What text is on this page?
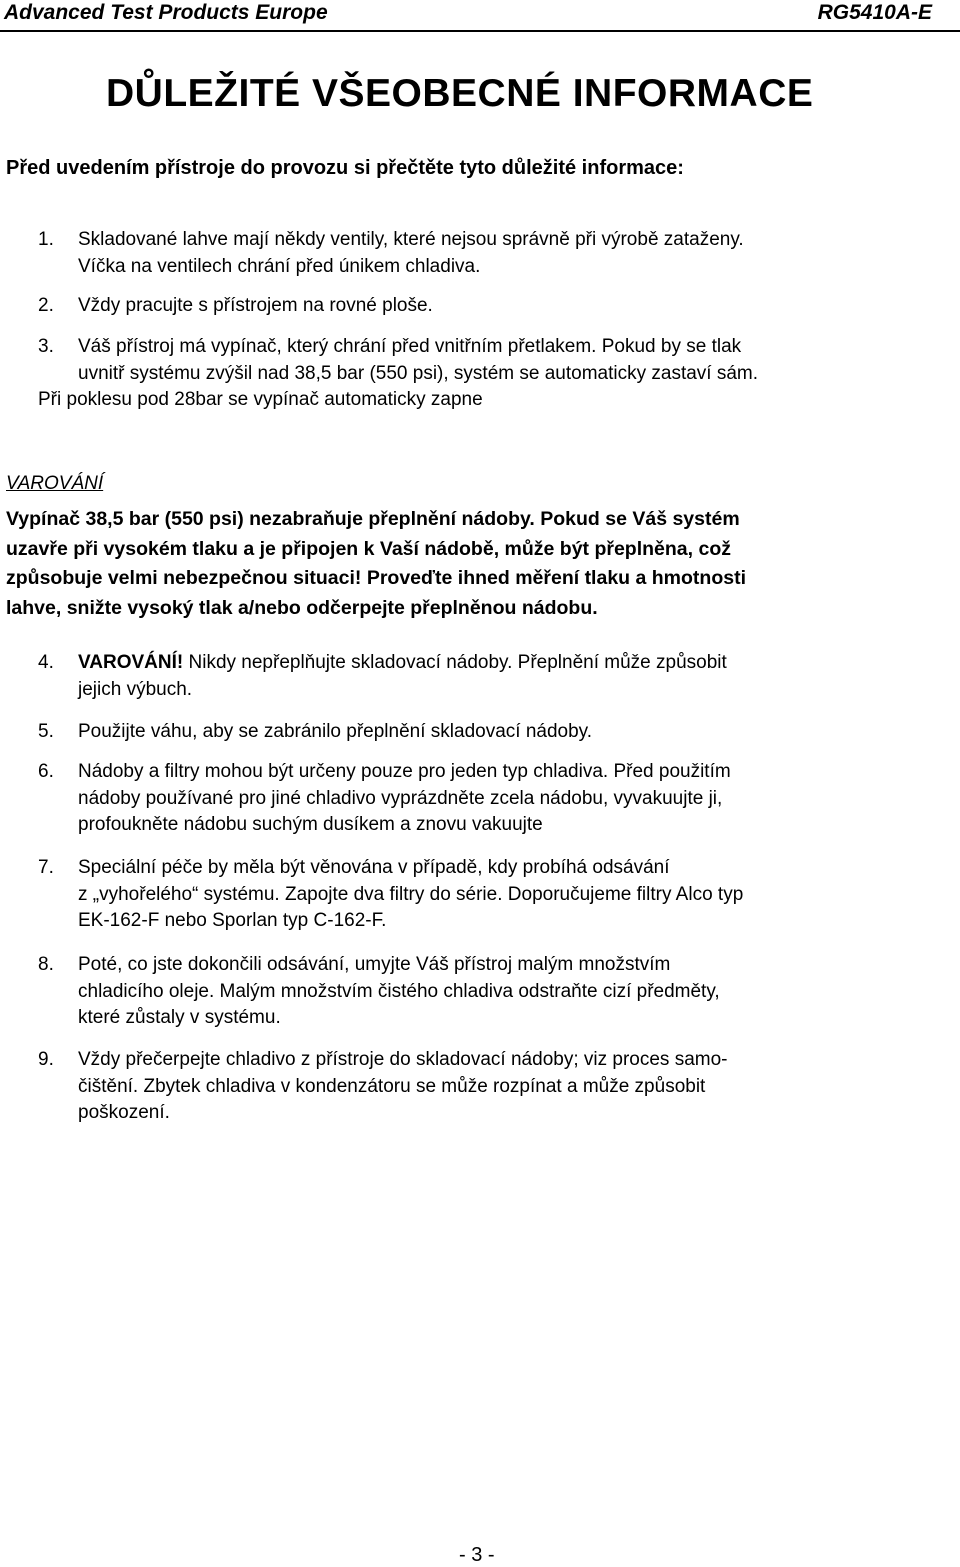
Advanced Test Products Europe	RG5410A-E
DŮLEŽITÉ VŠEOBECNÉ INFORMACE
Před uvedením přístroje do provozu si přečtěte tyto důležité informace:
1.	Skladované lahve mají někdy ventily, které nejsou správně při výrobě zataženy.
Víčka na ventilech chrání před únikem chladiva.
2.	Vždy pracujte s přístrojem na rovné ploše.
3.	Váš přístroj má vypínač, který chrání před vnitřním přetlakem. Pokud by se tlak
uvnitř systému zvýšil nad 38,5 bar (550 psi), systém se automaticky zastaví sám.
Při poklesu pod 28bar se vypínač automaticky zapne
VAROVÁNÍ
Vypínač 38,5 bar (550 psi) nezabraňuje přeplnění nádoby. Pokud se Váš systém
uzavře při vysokém tlaku a je připojen k Vaší nádobě, může být přeplněna, což
způsobuje velmi nebezpečnou situaci! Proveďte ihned měření tlaku a hmotnosti
lahve, snižte vysoký tlak a/nebo odčerpejte přeplněnou nádobu.
4.	VAROVÁNÍ! Nikdy nepřeplňujte skladovací nádoby. Přeplnění může způsobit
jejich výbuch.
5.	Použijte váhu, aby se zabránilo přeplnění skladovací nádoby.
6.	Nádoby a filtry mohou být určeny pouze pro jeden typ chladiva. Před použitím
nádoby používané pro jiné chladivo vyprázdněte zcela nádobu, vyvakuujte ji,
profoukněte nádobu suchým dusíkem a znovu vakuujte
7.	Speciální péče by měla být věnována v případě, kdy probíhá odsávání
z „vyhořelého“ systému. Zapojte dva filtry do série. Doporučujeme filtry Alco typ
EK-162-F nebo Sporlan typ C-162-F.
8.	Poté, co jste dokončili odsávání, umyjte Váš přístroj malým množstvím
chladicího oleje. Malým množstvím čistého chladiva odstraňte cizí předměty,
které zůstaly v systému.
9.	Vždy přečerpejte chladivo z přístroje do skladovací nádoby; viz proces samo-
čištění. Zbytek chladiva v kondenzátoru se může rozpínat a může způsobit
poškození.
- 3 -
